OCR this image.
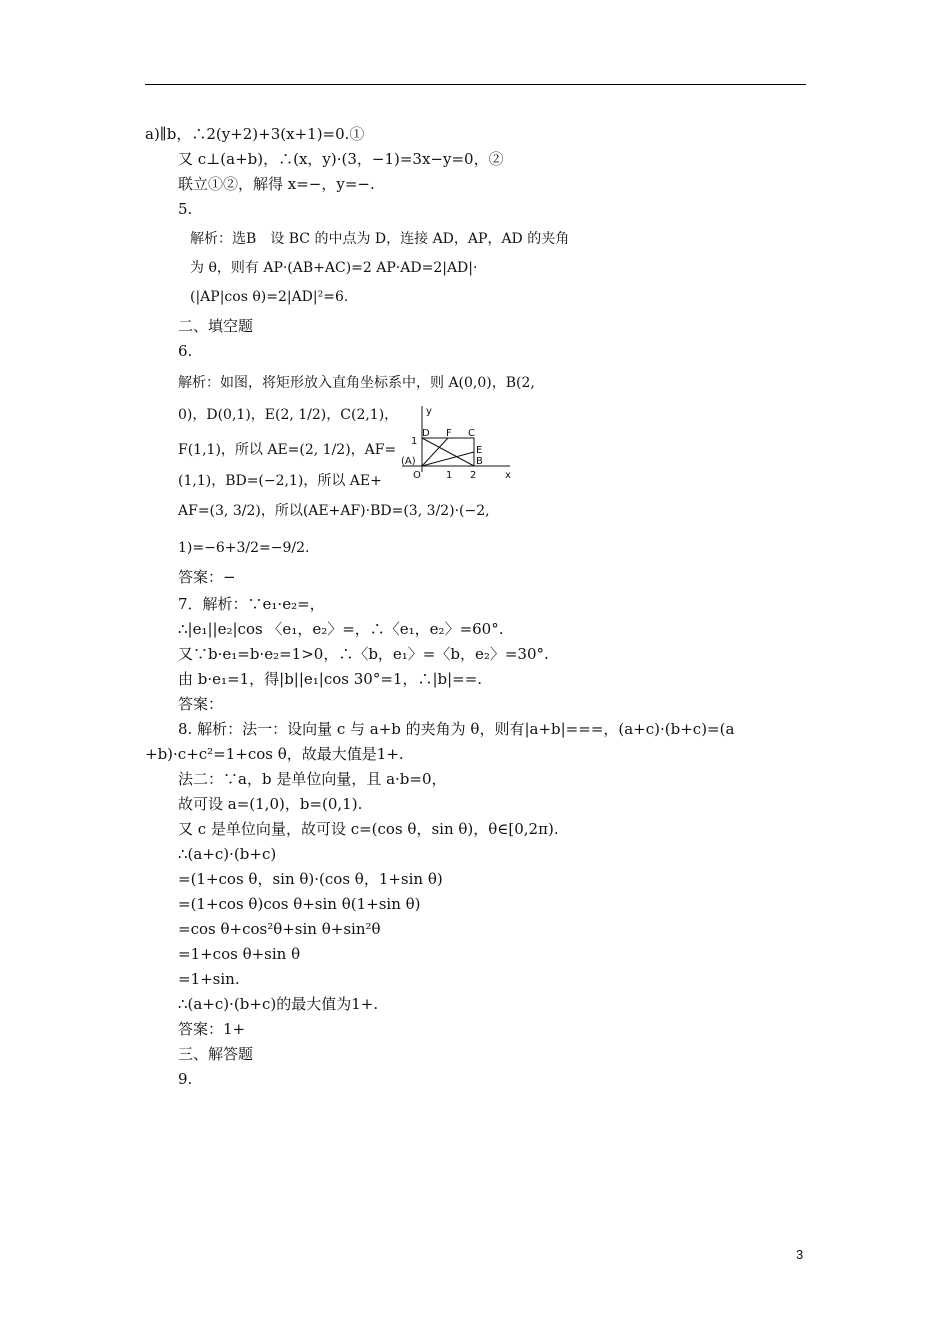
a)∥b，∴2(y+2)+3(x+1)=0.①
又 c⊥(a+b)，∴(x，y)·(3，−1)=3x−y=0，②
联立①②，解得 x=−，y=−.
5.
解析：选B　设 BC 的中点为 D，连接 AD，AP，AD 的夹角
为 θ，则有 AP·(AB+AC)=2 AP·AD=2|AD|·
(|AP|cos θ)=2|AD|²=6.
二、填空题
6.
解析：如图，将矩形放入直角坐标系中，则 A(0,0)，B(2,
0)，D(0,1)，E(2, 1/2)，C(2,1)，
F(1,1)，所以 AE=(2, 1/2)，AF=
(1,1)，BD=(−2,1)，所以 AE+
AF=(3, 3/2)，所以(AE+AF)·BD=(3, 3/2)·(−2,
1)=−6+3/2=−9/2.
y
D F C
1
E
(A)	B
O	1 2	x
答案：−
7．解析：∵e₁·e₂=，
∴|e₁||e₂|cos 〈e₁，e₂〉=，∴〈e₁，e₂〉=60°.
又∵b·e₁=b·e₂=1>0，∴〈b，e₁〉=〈b，e₂〉=30°.
由 b·e₁=1，得|b||e₁|cos 30°=1，∴|b|==.
答案：
8. 解析：法一：设向量 c 与 a+b 的夹角为 θ，则有|a+b|===，(a+c)·(b+c)=(a
+b)·c+c²=1+cos θ，故最大值是1+.
法二：∵a，b 是单位向量，且 a·b=0，
故可设 a=(1,0)，b=(0,1).
又 c 是单位向量，故可设 c=(cos θ，sin θ)，θ∈[0,2π).
∴(a+c)·(b+c)
=(1+cos θ，sin θ)·(cos θ，1+sin θ)
=(1+cos θ)cos θ+sin θ(1+sin θ)
=cos θ+cos²θ+sin θ+sin²θ
=1+cos θ+sin θ
=1+sin.
∴(a+c)·(b+c)的最大值为1+.
答案：1+
三、解答题
9.
3
